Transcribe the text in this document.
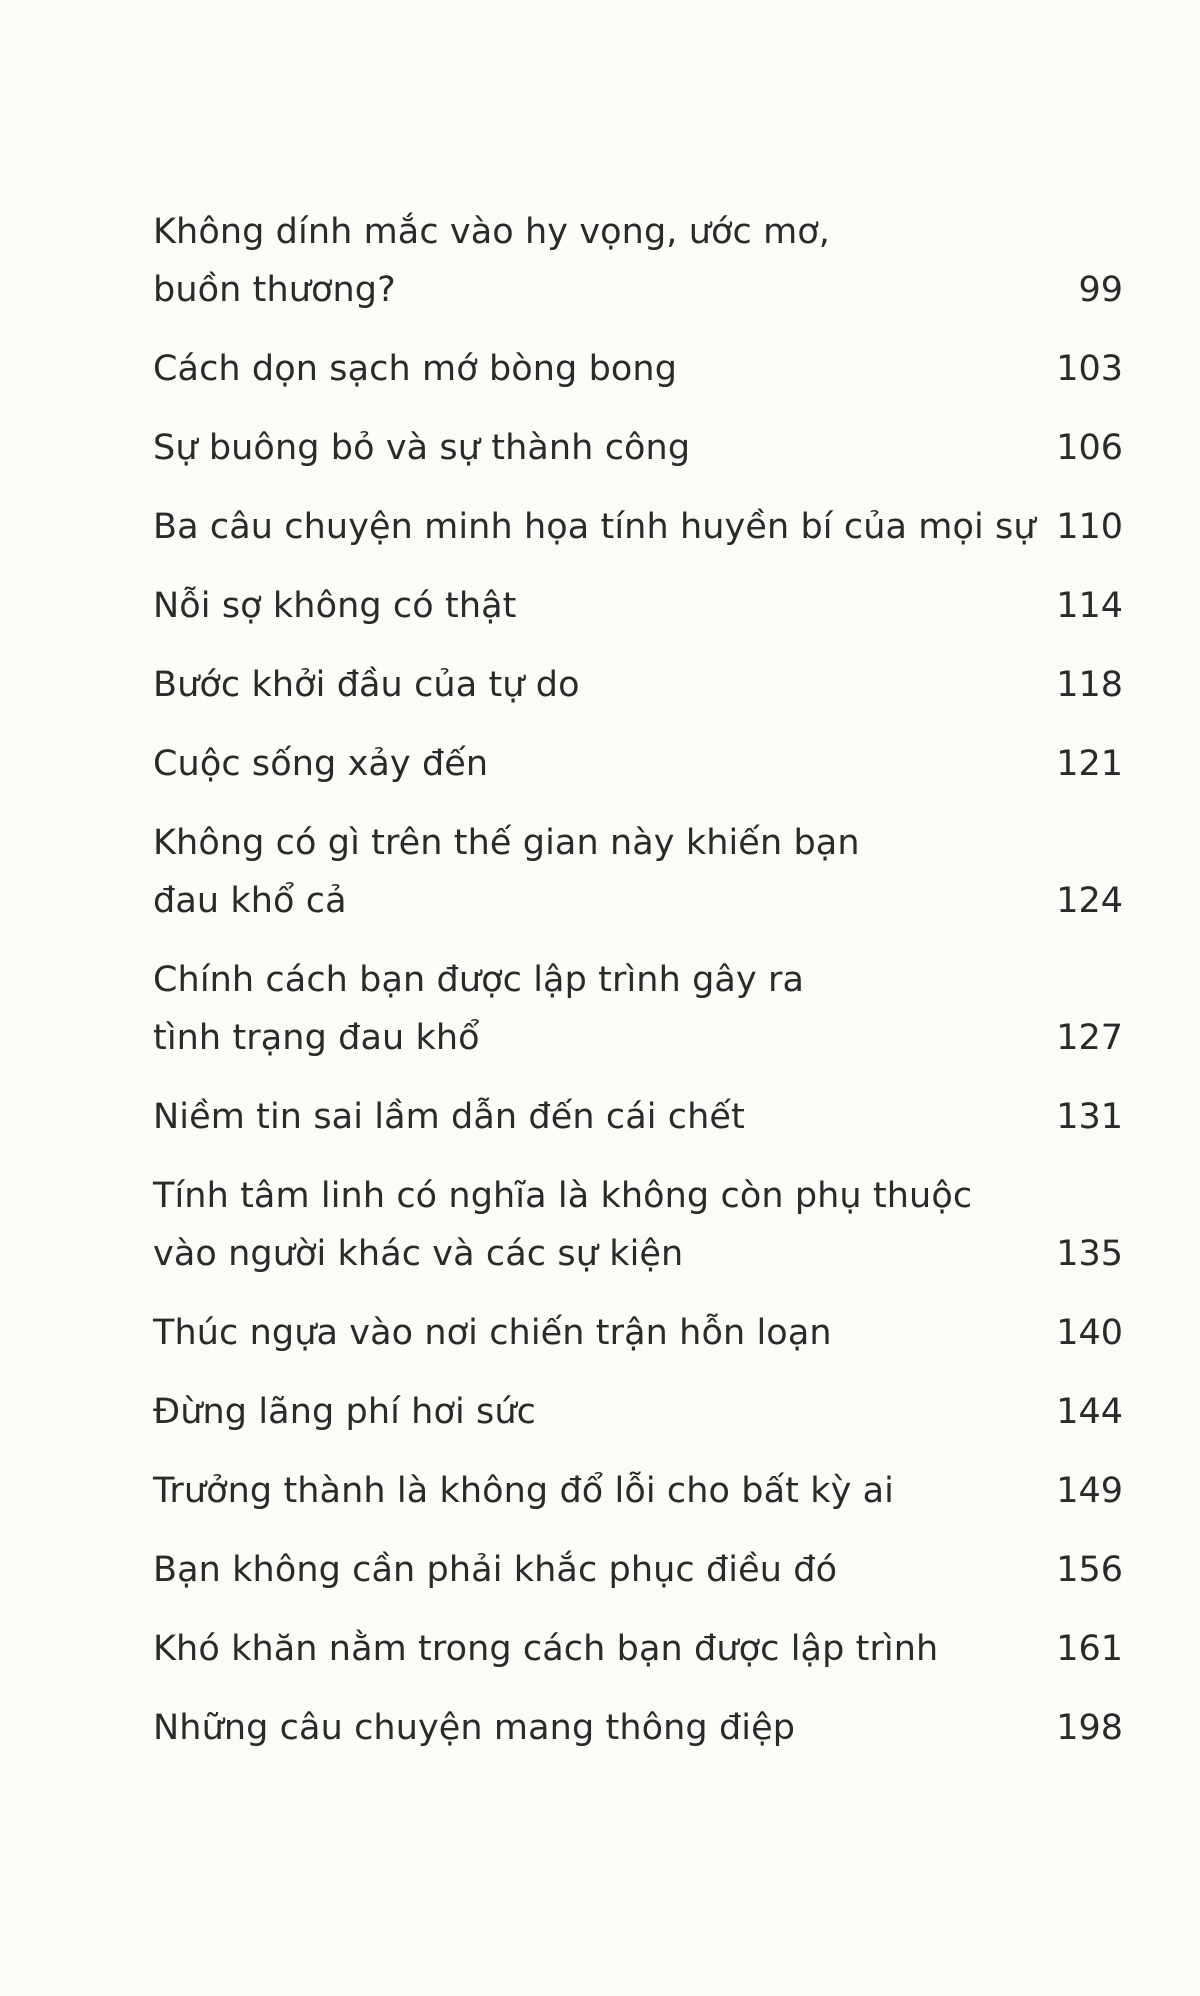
Không dính mắc vào hy vọng, ước mơ,
buồn thương?	99
Cách dọn sạch mớ bòng bong	103
Sự buông bỏ và sự thành công	106
Ba câu chuyện minh họa tính huyền bí của mọi sự 110
Nỗi sợ không có thật	114
Bước khởi đầu của tự do	118
Cuộc sống xảy đến	121
Không có gì trên thế gian này khiến bạn
đau khổ cả	124
Chính cách bạn được lập trình gây ra
tình trạng đau khổ	127
Niềm tin sai lầm dẫn đến cái chết	131
Tính tâm linh có nghĩa là không còn phụ thuộc
vào người khác và các sự kiện	135
Thúc ngựa vào nơi chiến trận hỗn loạn	140
Đừng lãng phí hơi sức	144
Trưởng thành là không đổ lỗi cho bất kỳ ai	149
Bạn không cần phải khắc phục điều đó	156
Khó khăn nằm trong cách bạn được lập trình	161
Những câu chuyện mang thông điệp	198
